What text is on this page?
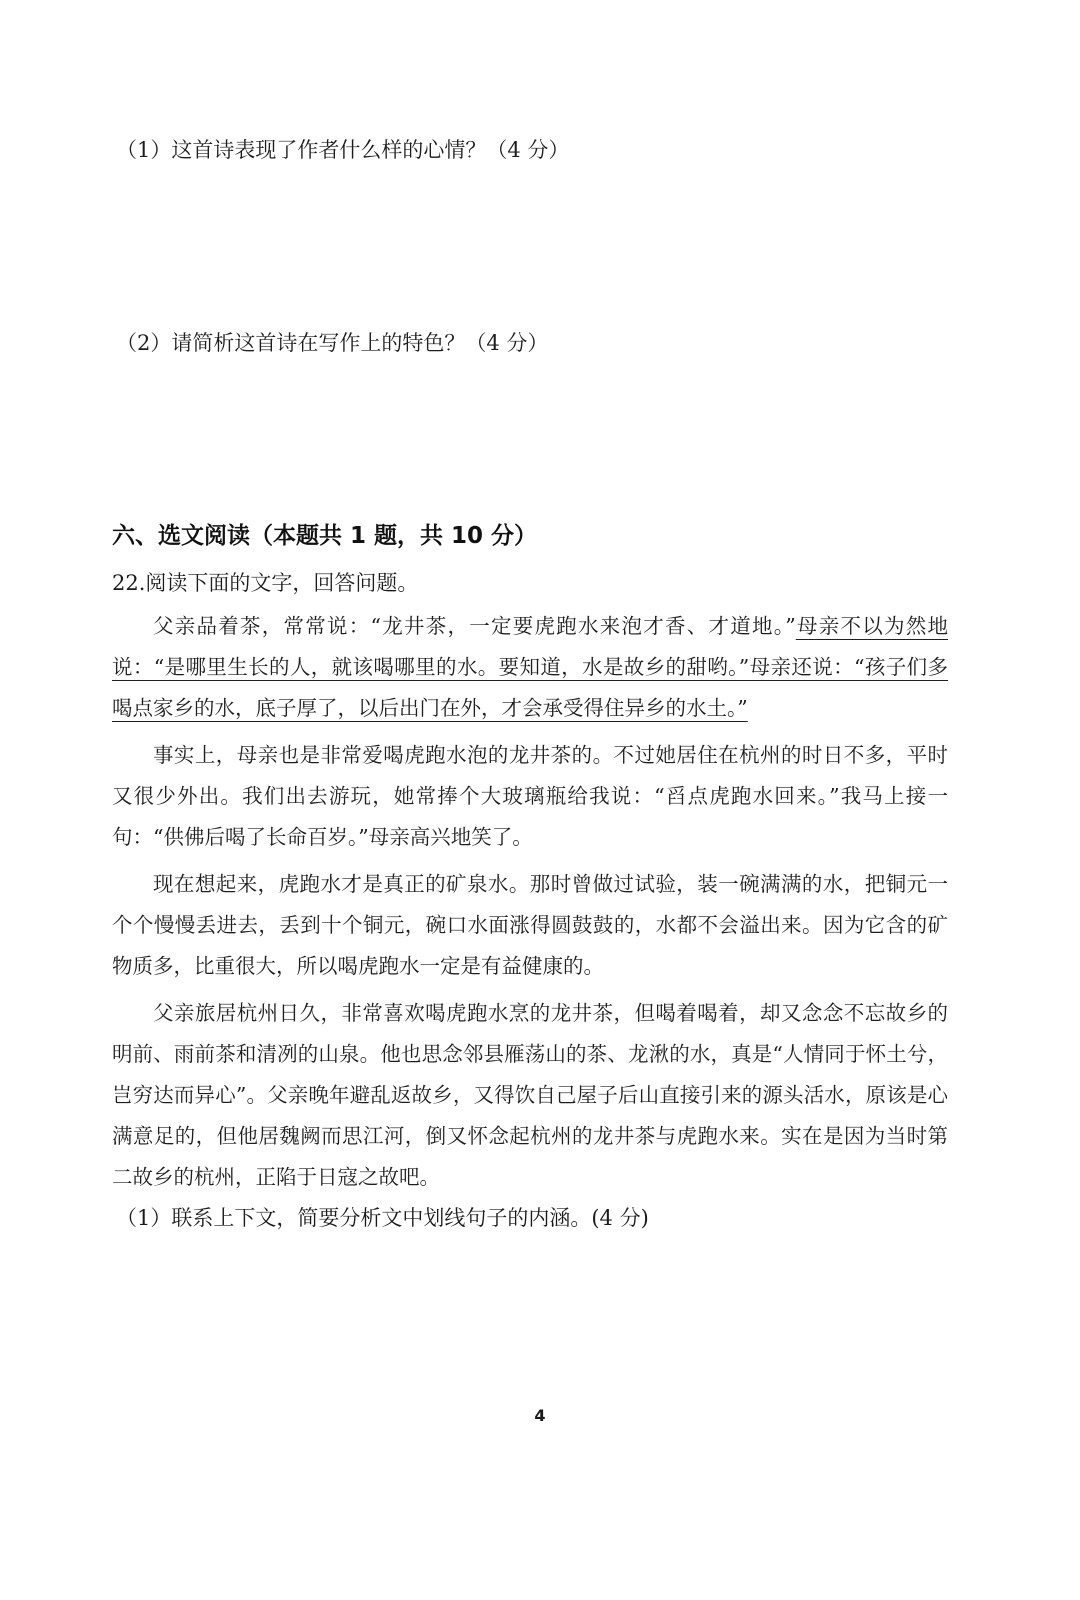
（1）这首诗表现了作者什么样的心情？（4 分）
（2）请简析这首诗在写作上的特色？（4 分）
六、选文阅读（本题共 1 题，共 10 分）
22.阅读下面的文字，回答问题。

父亲品着茶，常常说：“龙井茶，一定要虎跑水来泡才香、才道地。”母亲不以为然地说：“是哪里生长的人，就该喝哪里的水。要知道，水是故乡的甜哟。”母亲还说：“孩子们多喝点家乡的水，底子厚了，以后出门在外，才会承受得住异乡的水土。”

事实上，母亲也是非常爱喝虎跑水泡的龙井茶的。不过她居住在杭州的时日不多，平时又很少外出。我们出去游玩，她常捧个大玻璃瓶给我说：“舀点虎跑水回来。”我马上接一句：“供佛后喝了长命百岁。”母亲高兴地笑了。

现在想起来，虎跑水才是真正的矿泉水。那时曾做过试验，装一碗满满的水，把铜元一个个慢慢丢进去，丢到十个铜元，碗口水面涨得圆鼓鼓的，水都不会溢出来。因为它含的矿物质多，比重很大，所以喝虎跑水一定是有益健康的。

父亲旅居杭州日久，非常喜欢喝虎跑水烹的龙井茶，但喝着喝着，却又念念不忘故乡的明前、雨前茶和清冽的山泉。他也思念邻县雁荡山的茶、龙湫的水，真是“人情同于怀土兮，岂穷达而异心”。父亲晚年避乱返故乡，又得饮自己屋子后山直接引来的源头活水，原该是心满意足的，但他居魏阙而思江河，倒又怀念起杭州的龙井茶与虎跑水来。实在是因为当时第二故乡的杭州，正陷于日寇之故吧。

（1）联系上下文，简要分析文中划线句子的内涵。(4 分)
4
